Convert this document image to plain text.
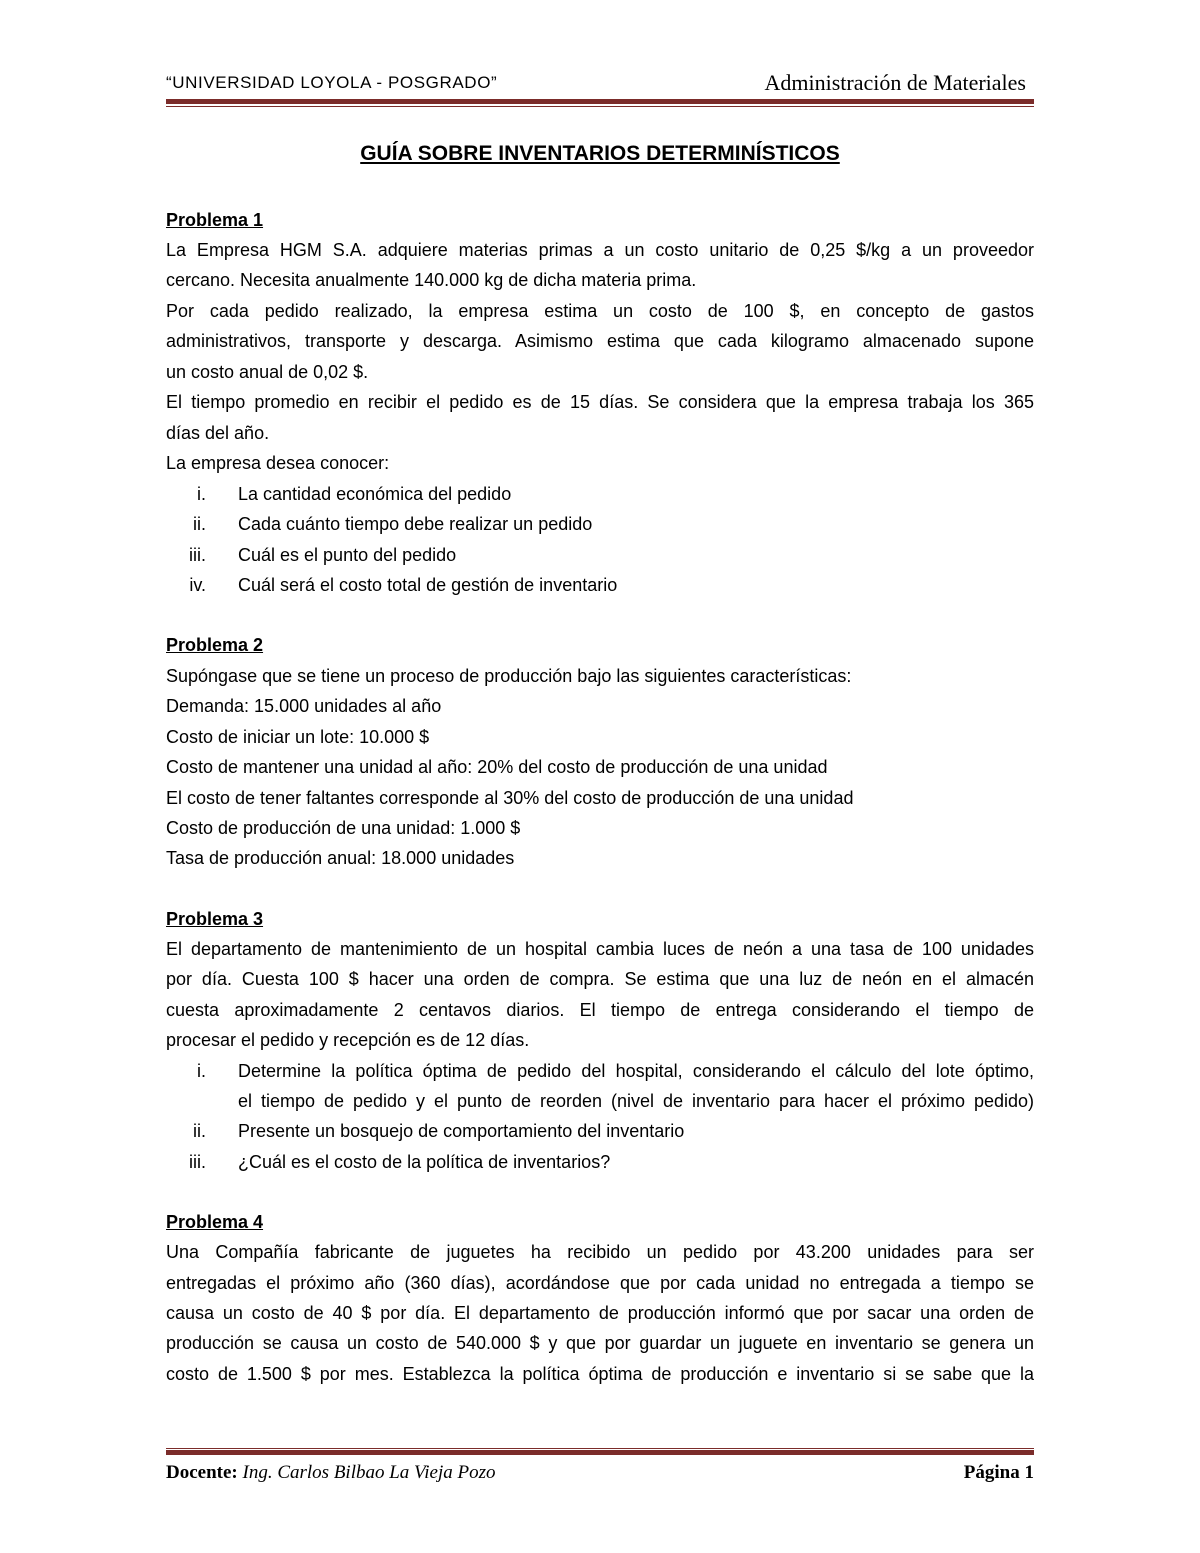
“UNIVERSIDAD LOYOLA - POSGRADO”	Administración de Materiales
GUÍA SOBRE INVENTARIOS DETERMINÍSTICOS
Problema 1
La Empresa HGM S.A. adquiere materias primas a un costo unitario de 0,25 $/kg a un proveedor
cercano. Necesita anualmente 140.000 kg de dicha materia prima.
Por cada pedido realizado, la empresa estima un costo de 100 $, en concepto de gastos
administrativos, transporte y descarga. Asimismo estima que cada kilogramo almacenado supone
un costo anual de 0,02 $.
El tiempo promedio en recibir el pedido es de 15 días. Se considera que la empresa trabaja los 365
días del año.
La empresa desea conocer:
i. La cantidad económica del pedido
ii. Cada cuánto tiempo debe realizar un pedido
iii. Cuál es el punto del pedido
iv. Cuál será el costo total de gestión de inventario
Problema 2
Supóngase que se tiene un proceso de producción bajo las siguientes características:
Demanda: 15.000 unidades al año
Costo de iniciar un lote: 10.000 $
Costo de mantener una unidad al año: 20% del costo de producción de una unidad
El costo de tener faltantes corresponde al 30% del costo de producción de una unidad
Costo de producción de una unidad: 1.000 $
Tasa de producción anual: 18.000 unidades
Problema 3
El departamento de mantenimiento de un hospital cambia luces de neón a una tasa de 100 unidades
por día. Cuesta 100 $ hacer una orden de compra. Se estima que una luz de neón en el almacén
cuesta aproximadamente 2 centavos diarios. El tiempo de entrega considerando el tiempo de
procesar el pedido y recepción es de 12 días.
i. Determine la política óptima de pedido del hospital, considerando el cálculo del lote óptimo,
el tiempo de pedido y el punto de reorden (nivel de inventario para hacer el próximo pedido)
ii. Presente un bosquejo de comportamiento del inventario
iii. ¿Cuál es el costo de la política de inventarios?
Problema 4
Una Compañía fabricante de juguetes ha recibido un pedido por 43.200 unidades para ser
entregadas el próximo año (360 días), acordándose que por cada unidad no entregada a tiempo se
causa un costo de 40 $ por día. El departamento de producción informó que por sacar una orden de
producción se causa un costo de 540.000 $ y que por guardar un juguete en inventario se genera un
costo de 1.500 $ por mes. Establezca la política óptima de producción e inventario si se sabe que la
Docente: Ing. Carlos Bilbao La Vieja Pozo	Página 1
